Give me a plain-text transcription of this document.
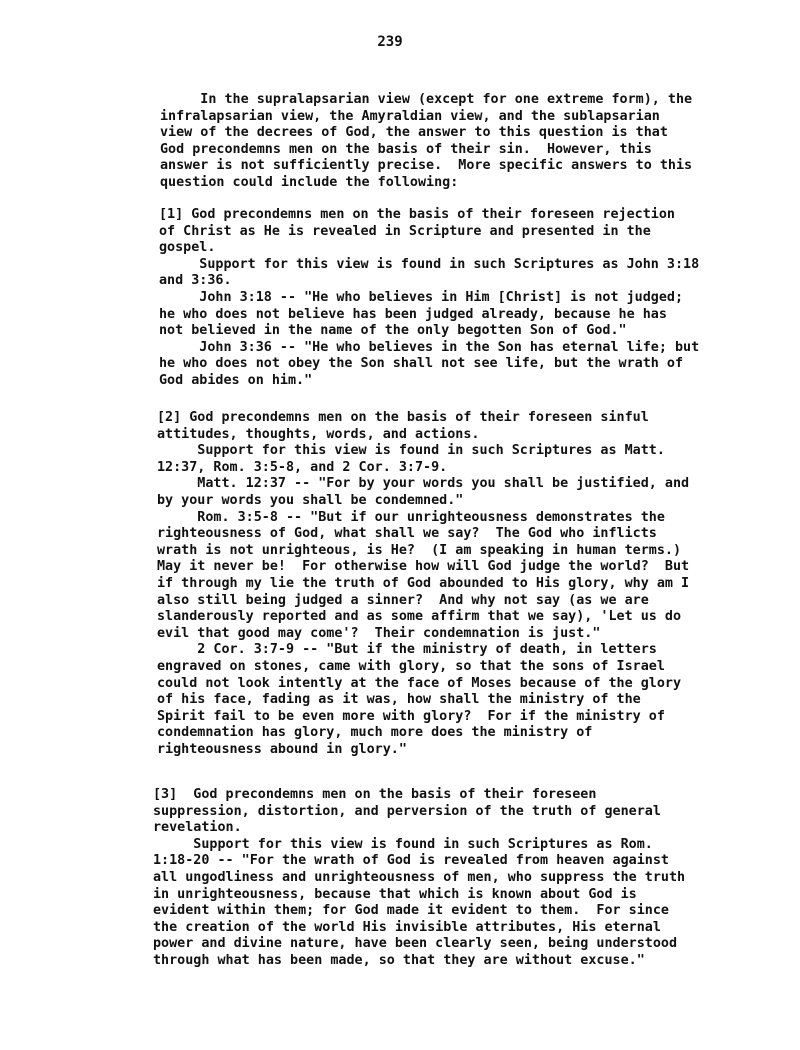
239
In the supralapsarian view (except for one extreme form), the
infralapsarian view, the Amyraldian view, and the sublapsarian
view of the decrees of God, the answer to this question is that
God precondemns men on the basis of their sin.  However, this
answer is not sufficiently precise.  More specific answers to this
question could include the following:
[1] God precondemns men on the basis of their foreseen rejection
of Christ as He is revealed in Scripture and presented in the
gospel.
Support for this view is found in such Scriptures as John 3:18
and 3:36.
John 3:18 -- "He who believes in Him [Christ] is not judged;
he who does not believe has been judged already, because he has
not believed in the name of the only begotten Son of God."
John 3:36 -- "He who believes in the Son has eternal life; but
he who does not obey the Son shall not see life, but the wrath of
God abides on him."
[2] God precondemns men on the basis of their foreseen sinful
attitudes, thoughts, words, and actions.
Support for this view is found in such Scriptures as Matt.
12:37, Rom. 3:5-8, and 2 Cor. 3:7-9.
Matt. 12:37 -- "For by your words you shall be justified, and
by your words you shall be condemned."
Rom. 3:5-8 -- "But if our unrighteousness demonstrates the
righteousness of God, what shall we say?  The God who inflicts
wrath is not unrighteous, is He?  (I am speaking in human terms.)
May it never be!  For otherwise how will God judge the world?  But
if through my lie the truth of God abounded to His glory, why am I
also still being judged a sinner?  And why not say (as we are
slanderously reported and as some affirm that we say), 'Let us do
evil that good may come'?  Their condemnation is just."
2 Cor. 3:7-9 -- "But if the ministry of death, in letters
engraved on stones, came with glory, so that the sons of Israel
could not look intently at the face of Moses because of the glory
of his face, fading as it was, how shall the ministry of the
Spirit fail to be even more with glory?  For if the ministry of
condemnation has glory, much more does the ministry of
righteousness abound in glory."
[3]  God precondemns men on the basis of their foreseen
suppression, distortion, and perversion of the truth of general
revelation.
Support for this view is found in such Scriptures as Rom.
1:18-20 -- "For the wrath of God is revealed from heaven against
all ungodliness and unrighteousness of men, who suppress the truth
in unrighteousness, because that which is known about God is
evident within them; for God made it evident to them.  For since
the creation of the world His invisible attributes, His eternal
power and divine nature, have been clearly seen, being understood
through what has been made, so that they are without excuse."
